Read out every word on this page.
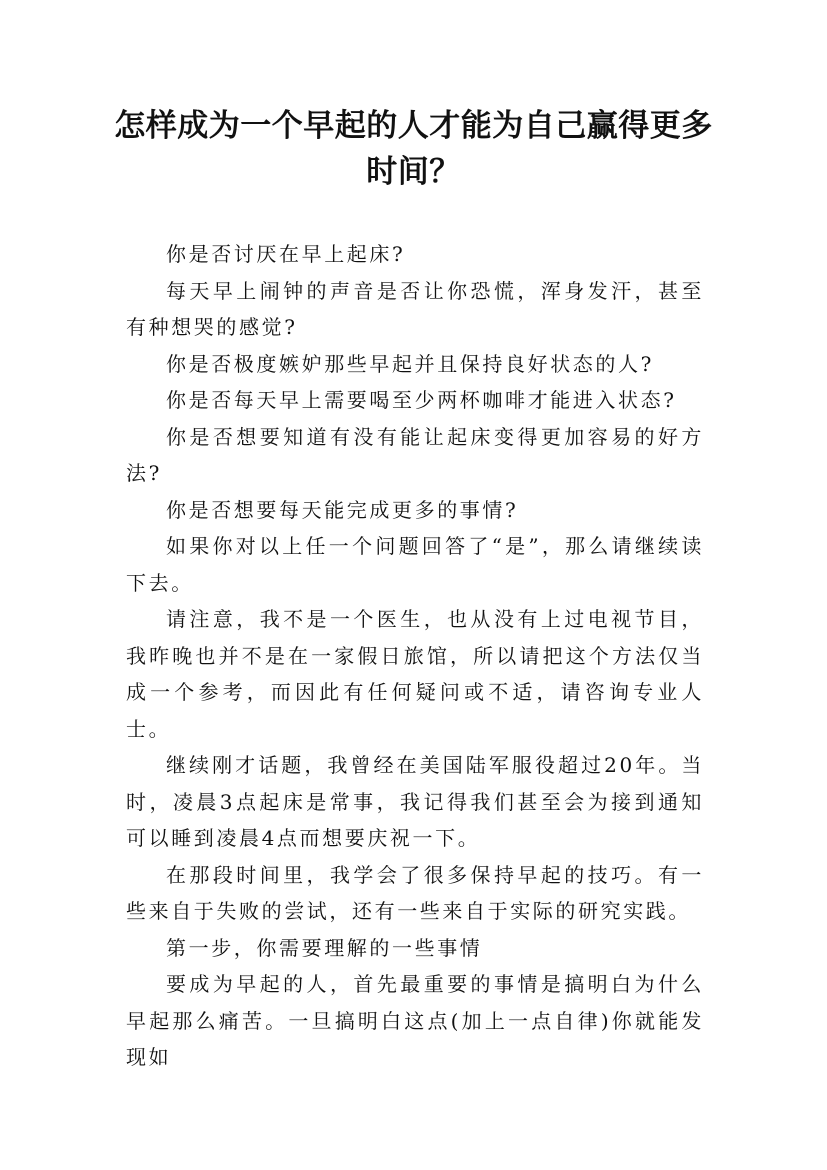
怎样成为一个早起的人才能为自己赢得更多时间？

你是否讨厌在早上起床?

每天早上闹钟的声音是否让你恐慌，浑身发汗，甚至有种想哭的感觉?

你是否极度嫉妒那些早起并且保持良好状态的人?

你是否每天早上需要喝至少两杯咖啡才能进入状态?

你是否想要知道有没有能让起床变得更加容易的好方法?

你是否想要每天能完成更多的事情?

如果你对以上任一个问题回答了“是”，那么请继续读下去。

请注意，我不是一个医生，也从没有上过电视节目，我昨晚也并不是在一家假日旅馆，所以请把这个方法仅当成一个参考，而因此有任何疑问或不适，请咨询专业人士。

继续刚才话题，我曾经在美国陆军服役超过20年。当时，凌晨3点起床是常事，我记得我们甚至会为接到通知可以睡到凌晨4点而想要庆祝一下。

在那段时间里，我学会了很多保持早起的技巧。有一些来自于失败的尝试，还有一些来自于实际的研究实践。

第一步，你需要理解的一些事情

要成为早起的人，首先最重要的事情是搞明白为什么早起那么痛苦。一旦搞明白这点(加上一点自律)你就能发现如
